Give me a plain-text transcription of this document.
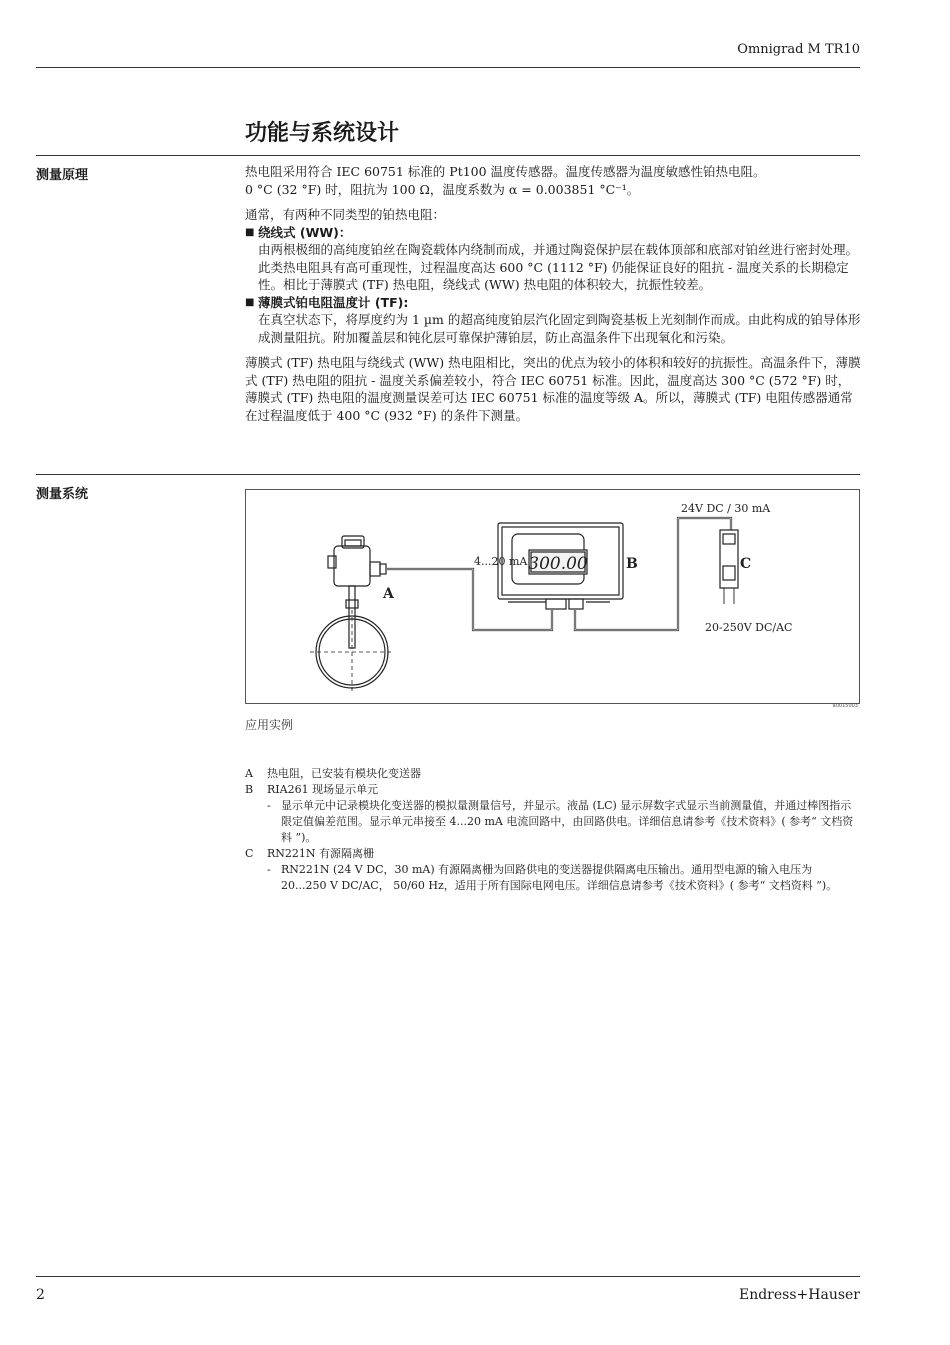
Omnigrad M TR10
功能与系统设计
测量原理	热电阻采用符合 IEC 60751 标准的 Pt100 温度传感器。温度传感器为温度敏感性铂热电阻。

0 °C (32 °F) 时，阻抗为 100 Ω，温度系数为 α = 0.003851 °C⁻¹。

通常，有两种不同类型的铂热电阻：

■ 绕线式 (WW)：

由两根极细的高纯度铂丝在陶瓷载体内绕制而成，并通过陶瓷保护层在载体顶部和底部对铂丝进行密封处理。此类热电阻具有高可重现性，过程温度高达 600 °C (1112 °F) 仍能保证良好的阻抗 - 温度关系的长期稳定性。相比于薄膜式 (TF) 热电阻，绕线式 (WW) 热电阻的体积较大，抗振性较差。

■ 薄膜式铂电阻温度计 (TF):

在真空状态下，将厚度约为 1 µm 的超高纯度铂层汽化固定到陶瓷基板上光刻制作而成。由此构成的铂导体形成测量阻抗。附加覆盖层和钝化层可靠保护薄铂层，防止高温条件下出现氧化和污染。

薄膜式 (TF) 热电阻与绕线式 (WW) 热电阻相比，突出的优点为较小的体积和较好的抗振性。高温条件下，薄膜式 (TF) 热电阻的阻抗 - 温度关系偏差较小，符合 IEC 60751 标准。因此，温度高达 300 °C (572 °F) 时，薄膜式 (TF) 热电阻的温度测量误差可达 IEC 60751 标准的温度等级 A。所以，薄膜式 (TF) 电阻传感器通常在过程温度低于 400 °C (932 °F) 的条件下测量。

测量系统
300.00
4...20 mA
24V DC / 30 mA
20-250V DC/AC
A
B	C
a0015003
应用实例
A	热电阻，已安装有模块化变送器
B	RIA261 现场显示单元
- 显示单元中记录模块化变送器的模拟量测量信号，并显示。液晶 (LC) 显示屏数字式显示当前测量值，并通过棒图指示限定值偏差范围。显示单元串接至 4...20 mA 电流回路中，由回路供电。详细信息请参考《技术资料》( 参考“ 文档资料 ”)。
C	RN221N 有源隔离栅
- RN221N (24 V DC，30 mA) 有源隔离栅为回路供电的变送器提供隔离电压输出。通用型电源的输入电压为 20...250 V DC/AC， 50/60 Hz，适用于所有国际电网电压。详细信息请参考《技术资料》( 参考“ 文档资料 ”)。
2	Endress+Hauser
